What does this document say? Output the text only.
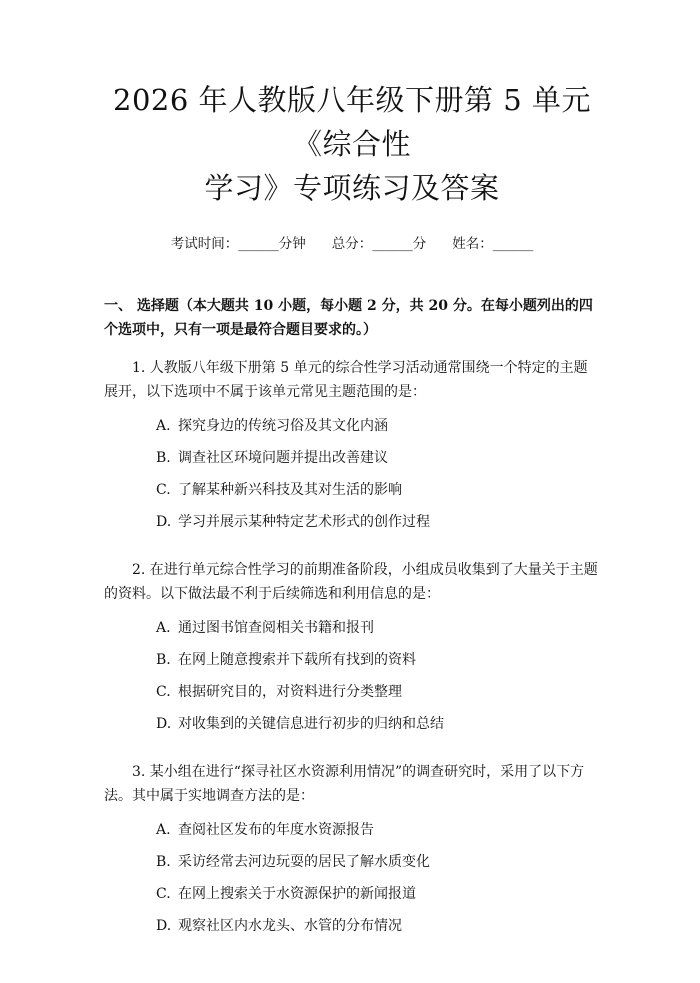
2026 年人教版八年级下册第 5 单元《综合性
学习》专项练习及答案
考试时间：______分钟 总分：______分 姓名：______
一、 选择题（本大题共 10 小题，每小题 2 分，共 20 分。在每小题列出的四个选项中，只有一项是最符合题目要求的。）
1. 人教版八年级下册第 5 单元的综合性学习活动通常围绕一个特定的主题展开，以下选项中不属于该单元常见主题范围的是：
A. 探究身边的传统习俗及其文化内涵
B. 调查社区环境问题并提出改善建议
C. 了解某种新兴科技及其对生活的影响
D. 学习并展示某种特定艺术形式的创作过程
2. 在进行单元综合性学习的前期准备阶段，小组成员收集到了大量关于主题的资料。以下做法最不利于后续筛选和利用信息的是：
A. 通过图书馆查阅相关书籍和报刊
B. 在网上随意搜索并下载所有找到的资料
C. 根据研究目的，对资料进行分类整理
D. 对收集到的关键信息进行初步的归纳和总结
3. 某小组在进行“探寻社区水资源利用情况”的调查研究时，采用了以下方法。其中属于实地调查方法的是：
A. 查阅社区发布的年度水资源报告
B. 采访经常去河边玩耍的居民了解水质变化
C. 在网上搜索关于水资源保护的新闻报道
D. 观察社区内水龙头、水管的分布情况
